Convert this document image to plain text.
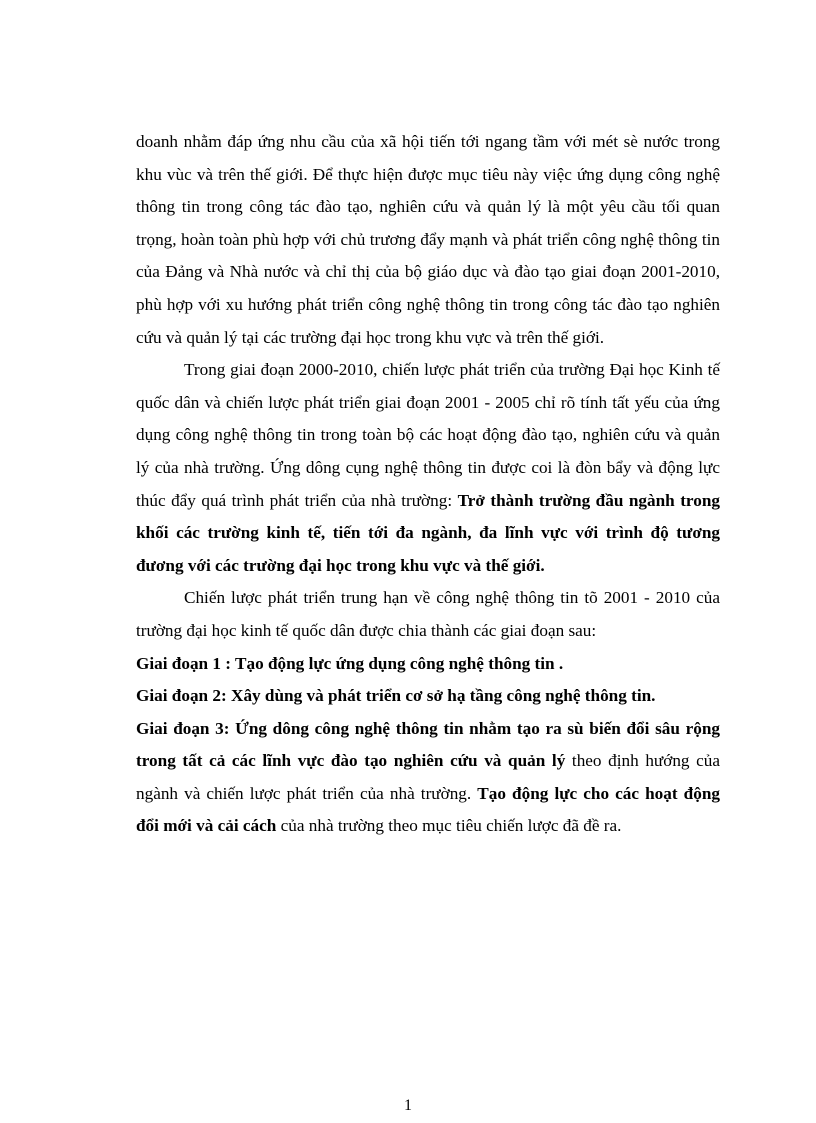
doanh nhằm đáp ứng nhu cầu của xã hội tiến tới ngang tầm với mét sè nước trong khu vùc và trên thế giới. Để thực hiện được mục tiêu này việc ứng dụng công nghệ thông tin trong công tác đào tạo, nghiên cứu và quản lý là một yêu cầu tối quan trọng, hoàn toàn phù hợp với chủ trương đẩy mạnh và phát triển công nghệ thông tin của Đảng và Nhà nước và chỉ thị của bộ giáo dục và đào tạo giai đoạn 2001-2010, phù hợp với xu hướng phát triển công nghệ thông tin trong công tác đào tạo nghiên cứu và quản lý tại các trường đại học trong khu vực và trên thế giới.

Trong giai đoạn 2000-2010, chiến lược phát triển của trường Đại học Kinh tế quốc dân và chiến lược phát triển giai đoạn 2001 - 2005 chỉ rõ tính tất yếu của ứng dụng công nghệ thông tin trong toàn bộ các hoạt động đào tạo, nghiên cứu và quản lý của nhà trường. Ứng dông cụng nghệ thông tin được coi là đòn bẩy và động lực thúc đẩy quá trình phát triển của nhà trường: Trở thành trường đầu ngành trong khối các trường kinh tế, tiến tới đa ngành, đa lĩnh vực với trình độ tương đương với các trường đại học trong khu vực và thế giới.

Chiến lược phát triển trung hạn về công nghệ thông tin tõ 2001 - 2010 của trường đại học kinh tế quốc dân được chia thành các giai đoạn sau:

Giai đoạn 1 : Tạo động lực ứng dụng công nghệ thông tin .

Giai đoạn 2: Xây dùng và phát triển cơ sở hạ tầng công nghệ thông tin.

Giai đoạn 3: Ứng dông công nghệ thông tin nhằm tạo ra sù biến đổi sâu rộng trong tất cả các lĩnh vực đào tạo nghiên cứu và quản lý theo định hướng của ngành và chiến lược phát triển của nhà trường. Tạo động lực cho các hoạt động đổi mới và cải cách của nhà trường theo mục tiêu chiến lược đã đề ra.

1
